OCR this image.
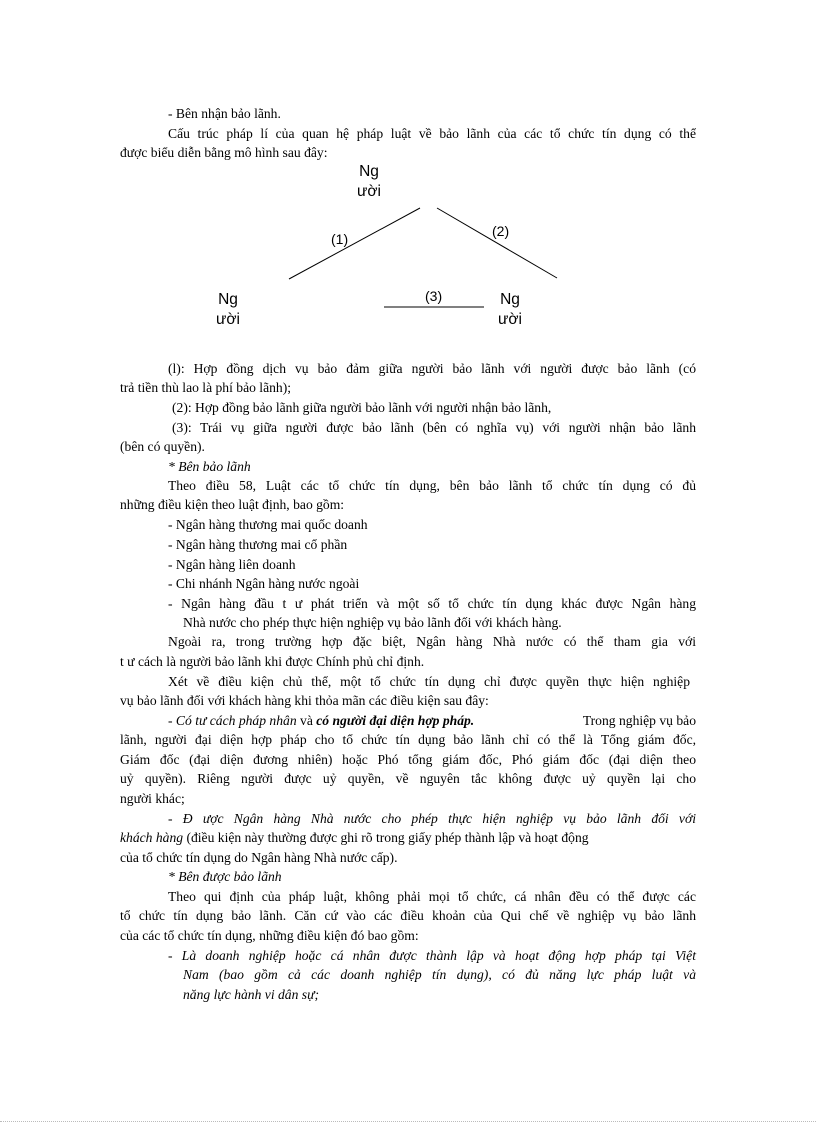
- Bên nhận bảo lãnh.
Cấu trúc pháp lí của quan hệ pháp luật về bảo lãnh của các tổ chức tín dụng có thể
được biểu diễn bằng mô hình sau đây:
Ng
ười
Ng
ười
Ng
ười
(1)	(2)
(3)
(l): Hợp đồng dịch vụ bảo đảm giữa người bảo lãnh với người được bảo lãnh (có
trả tiền thù lao là phí bảo lãnh);
(2): Hợp đồng bảo lãnh giữa người bảo lãnh với người nhận bảo lãnh,
(3): Trái vụ giữa người được bảo lãnh (bên có nghĩa vụ) với người nhận bảo lãnh
(bên có quyền).
* Bên bảo lãnh
Theo điều 58, Luật các tổ chức tín dụng, bên bảo lãnh tổ chức tín dụng có đủ
những điều kiện theo luật định, bao gồm:
- Ngân hàng thương mai quốc doanh
- Ngân hàng thương mai cổ phần
- Ngân hàng liên doanh
- Chi nhánh Ngân hàng nước ngoài
- Ngân hàng đầu t ư phát triển và một số tổ chức tín dụng khác được Ngân hàng
Nhà nước cho phép thực hiện nghiệp vụ bảo lãnh đối với khách hàng.
Ngoài ra, trong trường hợp đặc biệt, Ngân hàng Nhà nước có thể tham gia với
t ư cách là người bảo lãnh khi được Chính phủ chỉ định.
Xét về điều kiện chủ thể, một tổ chức tín dụng chỉ được quyền thực hiện nghiệp
vụ bảo lãnh đối với khách hàng khi thỏa mãn các điều kiện sau đây:
- Có tư cách pháp nhân và có người đại diện hợp pháp.	Trong nghiệp vụ bảo
lãnh, người đại diện hợp pháp cho tổ chức tín dụng bảo lãnh chỉ có thể là Tổng giám đốc,
Giám đốc (đại diện đương nhiên) hoặc Phó tổng giám đốc, Phó giám đốc (đại diện theo
uỷ quyền). Riêng người được uỷ quyền, về nguyên tắc không được uỷ quyền lại cho
người khác;
- Đ ược Ngân hàng Nhà nước cho phép thực hiện nghiệp vụ bảo lãnh đối với
khách hàng (điều kiện này thường được ghi rõ trong giấy phép thành lập và hoạt động
của tổ chức tín dụng do Ngân hàng Nhà nước cấp).
* Bên được bảo lãnh
Theo qui định của pháp luật, không phải mọi tổ chức, cá nhân đều có thể được các
tổ chức tín dụng bảo lãnh. Căn cứ vào các điều khoản của Qui chế về nghiệp vụ bảo lãnh
của các tổ chức tín dụng, những điều kiện đó bao gồm:
- Là doanh nghiệp hoặc cá nhân được thành lập và hoạt động hợp pháp tại Việt
Nam (bao gồm cả các doanh nghiệp tín dụng), có đủ năng lực pháp luật và
năng lực hành vi dân sự;
